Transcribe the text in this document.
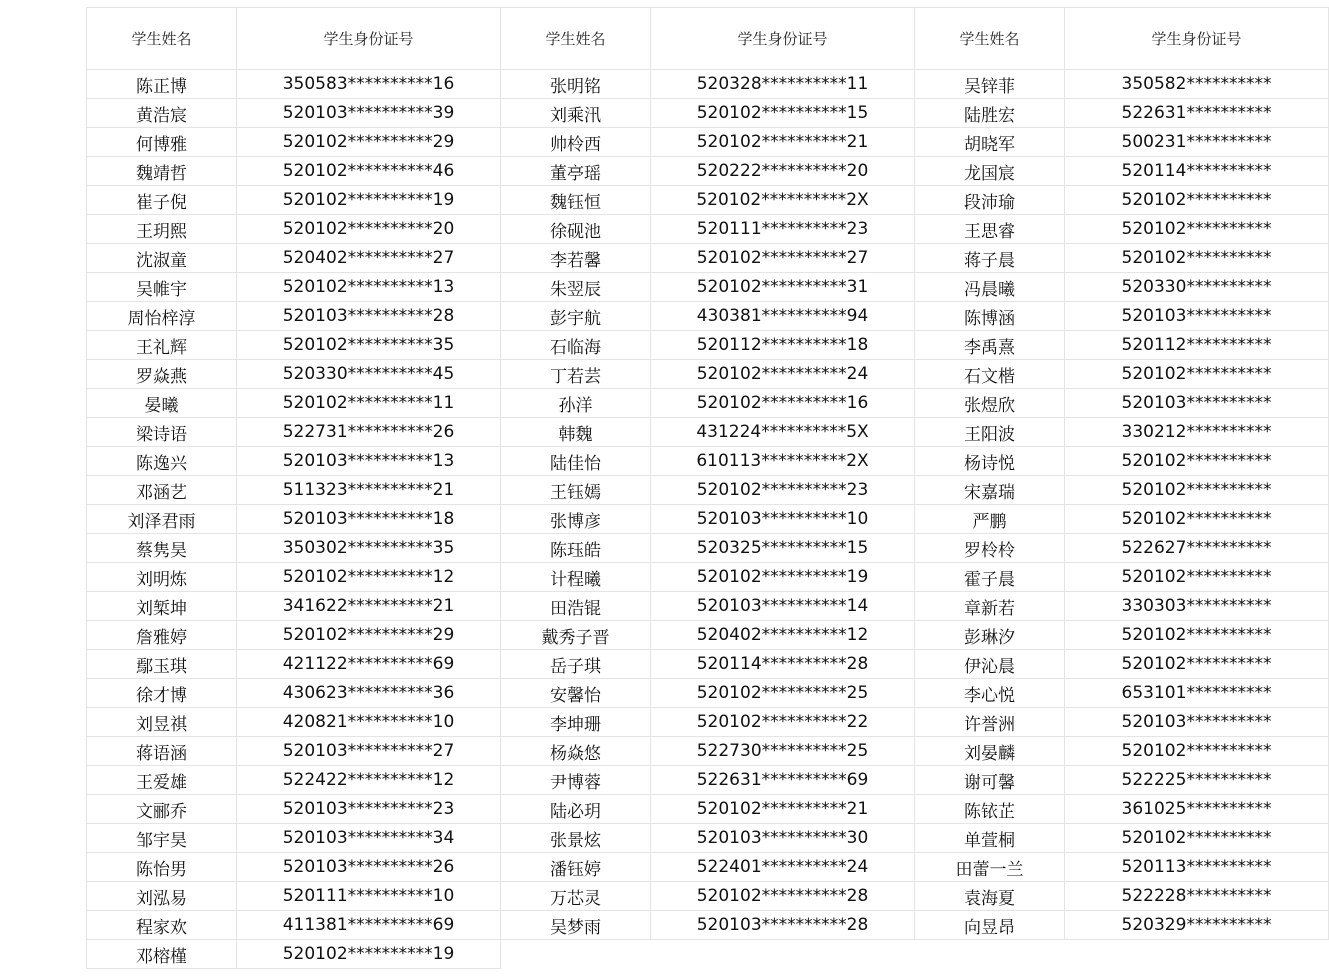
学生姓名	学生身份证号
陈正博	350583**********16
黄浩宸	520103**********39
何博雅	520102**********29
魏靖哲	520102**********46
崔子倪	520102**********19
王玥熙	520102**********20
沈淑童	520402**********27
吴帷宇	520102**********13
周怡梓淳	520103**********28
王礼辉	520102**********35
罗焱燕	520330**********45
晏曦	520102**********11
梁诗语	522731**********26
陈逸兴	520103**********13
邓涵艺	511323**********21
刘泽君雨	520103**********18
蔡隽昊	350302**********35
刘明炼	520102**********12
刘椠坤	341622**********21
詹雅婷	520102**********29
鄢玉琪	421122**********69
徐才博	430623**********36
刘昱祺	420821**********10
蒋语涵	520103**********27
王爱雄	522422**********12
文郦乔	520103**********23
邹宇昊	520103**********34
陈怡男	520103**********26
刘泓易	520111**********10
程家欢	411381**********69
邓榕槿	520102**********19
学生姓名	学生身份证号
张明铭	520328**********11
刘乘汛	520102**********15
帅柃西	520102**********21
董亭瑶	520222**********20
魏钰恒	520102**********2X
徐砚池	520111**********23
李若馨	520102**********27
朱翌辰	520102**********31
彭宇航	430381**********94
石临海	520112**********18
丁若芸	520102**********24
孙洋	520102**********16
韩魏	431224**********5X
陆佳怡	610113**********2X
王钰嫣	520102**********23
张博彦	520103**********10
陈珏皓	520325**********15
计程曦	520102**********19
田浩锟	520103**********14
戴秀子晋	520402**********12
岳子琪	520114**********28
安馨怡	520102**********25
李坤珊	520102**********22
杨焱悠	522730**********25
尹博蓉	522631**********69
陆必玥	520102**********21
张景炫	520103**********30
潘钰婷	522401**********24
万芯灵	520102**********28
吴梦雨	520103**********28
学生姓名	学生身份证号
吴锌菲	350582**********
陆胜宏	522631**********
胡晓军	500231**********
龙国宸	520114**********
段沛瑜	520102**********
王思睿	520102**********
蒋子晨	520102**********
冯晨曦	520330**********
陈博涵	520103**********
李禹熹	520112**********
石文楷	520102**********
张煜欣	520103**********
王阳波	330212**********
杨诗悦	520102**********
宋嘉瑞	520102**********
严鹏	520102**********
罗柃柃	522627**********
霍子晨	520102**********
章新若	330303**********
彭琳汐	520102**********
伊沁晨	520102**********
李心悦	653101**********
许誉洲	520103**********
刘晏麟	520102**********
谢可馨	522225**********
陈铱芷	361025**********
单萱桐	520102**********
田蕾一兰	520113**********
袁海夏	522228**********
向昱昂	520329**********
